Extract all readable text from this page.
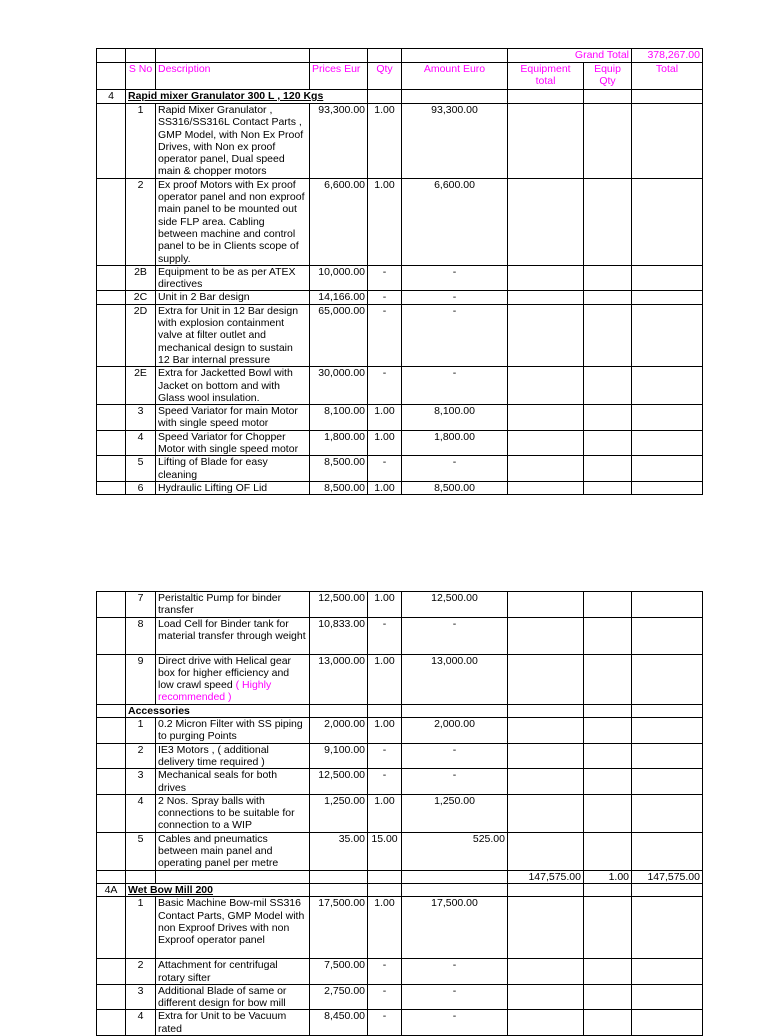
						Grand Total		378,267.00
	S No	Description	Prices Eur	Qty	Amount Euro	Equipment total	Equip Qty	Total
4	Rapid mixer Granulator 300 L , 120 Kgs							
	1	Rapid Mixer Granulator , SS316/SS316L Contact Parts , GMP Model, with Non Ex Proof Drives, with Non ex proof operator panel, Dual speed main & chopper motors	93,300.00	1.00	93,300.00			
	2	Ex proof Motors with Ex proof operator panel and non exproof main panel to be mounted out side FLP area. Cabling between machine and control panel to be in Clients scope of supply.	6,600.00	1.00	6,600.00			
	2B	Equipment to be as per ATEX directives	10,000.00	-	-			
	2C	Unit in 2 Bar design	14,166.00	-	-			
	2D	Extra for Unit in 12 Bar design with explosion containment valve at filter outlet and mechanical design to sustain 12 Bar internal pressure	65,000.00	-	-			
	2E	Extra for Jacketted Bowl with Jacket on bottom and with Glass wool insulation.	30,000.00	-	-			
	3	Speed Variator for main Motor with single speed motor	8,100.00	1.00	8,100.00			
	4	Speed Variator for Chopper Motor with single speed motor	1,800.00	1.00	1,800.00			
	5	Lifting of Blade for easy cleaning	8,500.00	-	-			
	6	Hydraulic Lifting OF Lid	8,500.00	1.00	8,500.00			
	7	Peristaltic Pump for binder transfer	12,500.00	1.00	12,500.00			
	8	Load Cell for Binder tank for material transfer through weight	10,833.00	-	-			
	9	Direct drive with Helical gear box for higher efficiency and low crawl speed ( Highly recommended )	13,000.00	1.00	13,000.00			
	Accessories							
	1	0.2 Micron Filter with SS piping to purging Points	2,000.00	1.00	2,000.00			
	2	IE3 Motors , ( additional delivery time required )	9,100.00	-	-			
	3	Mechanical seals for both drives	12,500.00	-	-			
	4	2 Nos. Spray balls with connections to be suitable for connection to a WIP	1,250.00	1.00	1,250.00			
	5	Cables and pneumatics between main panel and operating panel per metre	35.00	15.00	525.00			
						147,575.00	1.00	147,575.00
4A	Wet Bow Mill 200							
	1	Basic Machine Bow-mil SS316 Contact Parts, GMP Model with non Exproof Drives with non Exproof operator panel	17,500.00	1.00	17,500.00			
	2	Attachment for centrifugal rotary sifter	7,500.00	-	-			
	3	Additional Blade of same or different design for bow mill	2,750.00	-	-			
	4	Extra for Unit to be Vacuum rated	8,450.00	-	-			
